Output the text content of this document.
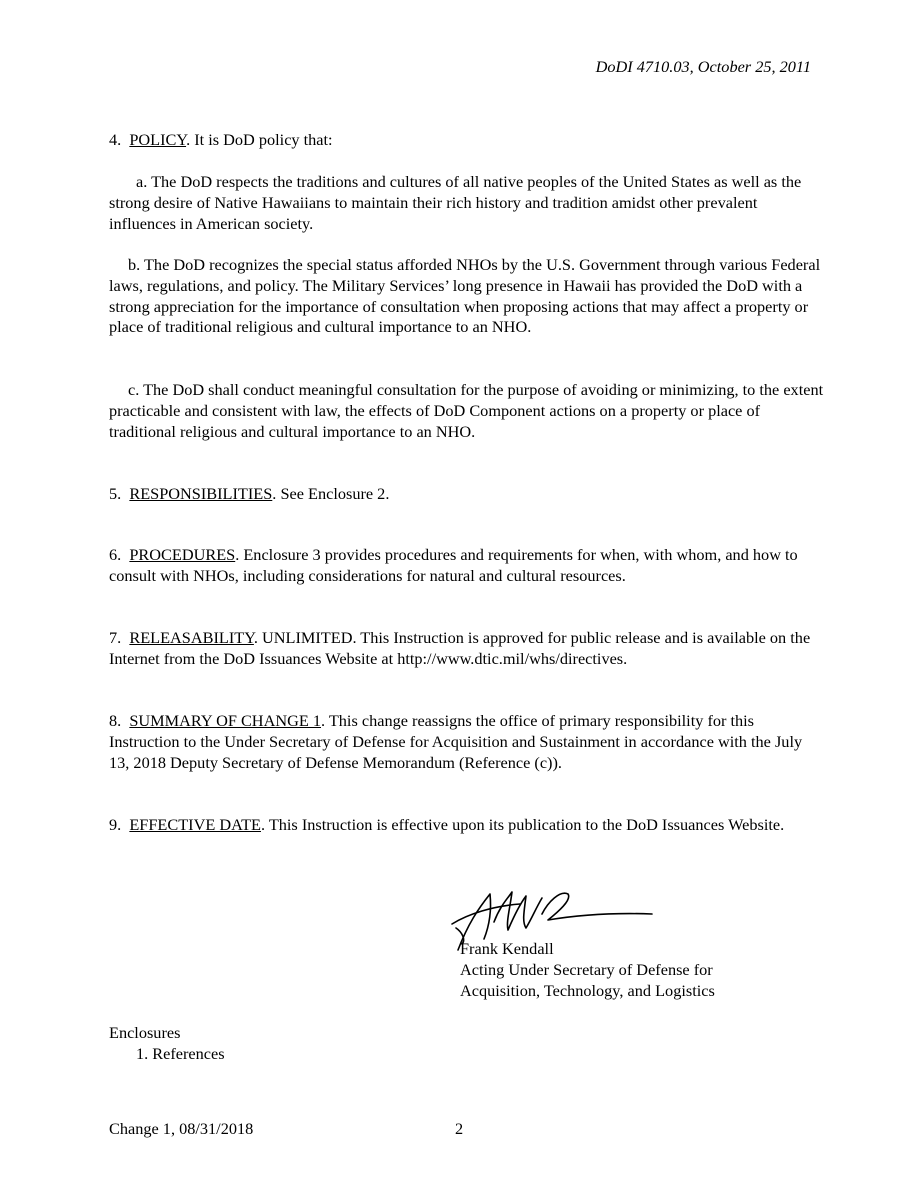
DoDI 4710.03, October 25, 2011
4. POLICY. It is DoD policy that:
a. The DoD respects the traditions and cultures of all native peoples of the United States as well as the strong desire of Native Hawaiians to maintain their rich history and tradition amidst other prevalent influences in American society.
b. The DoD recognizes the special status afforded NHOs by the U.S. Government through various Federal laws, regulations, and policy. The Military Services’ long presence in Hawaii has provided the DoD with a strong appreciation for the importance of consultation when proposing actions that may affect a property or place of traditional religious and cultural importance to an NHO.
c. The DoD shall conduct meaningful consultation for the purpose of avoiding or minimizing, to the extent practicable and consistent with law, the effects of DoD Component actions on a property or place of traditional religious and cultural importance to an NHO.
5. RESPONSIBILITIES. See Enclosure 2.
6. PROCEDURES. Enclosure 3 provides procedures and requirements for when, with whom, and how to consult with NHOs, including considerations for natural and cultural resources.
7. RELEASABILITY. UNLIMITED. This Instruction is approved for public release and is available on the Internet from the DoD Issuances Website at http://www.dtic.mil/whs/directives.
8. SUMMARY OF CHANGE 1. This change reassigns the office of primary responsibility for this Instruction to the Under Secretary of Defense for Acquisition and Sustainment in accordance with the July 13, 2018 Deputy Secretary of Defense Memorandum (Reference (c)).
9. EFFECTIVE DATE. This Instruction is effective upon its publication to the DoD Issuances Website.
Frank Kendall
Acting Under Secretary of Defense for
Acquisition, Technology, and Logistics
Enclosures
1. References
Change 1, 08/31/2018	2
